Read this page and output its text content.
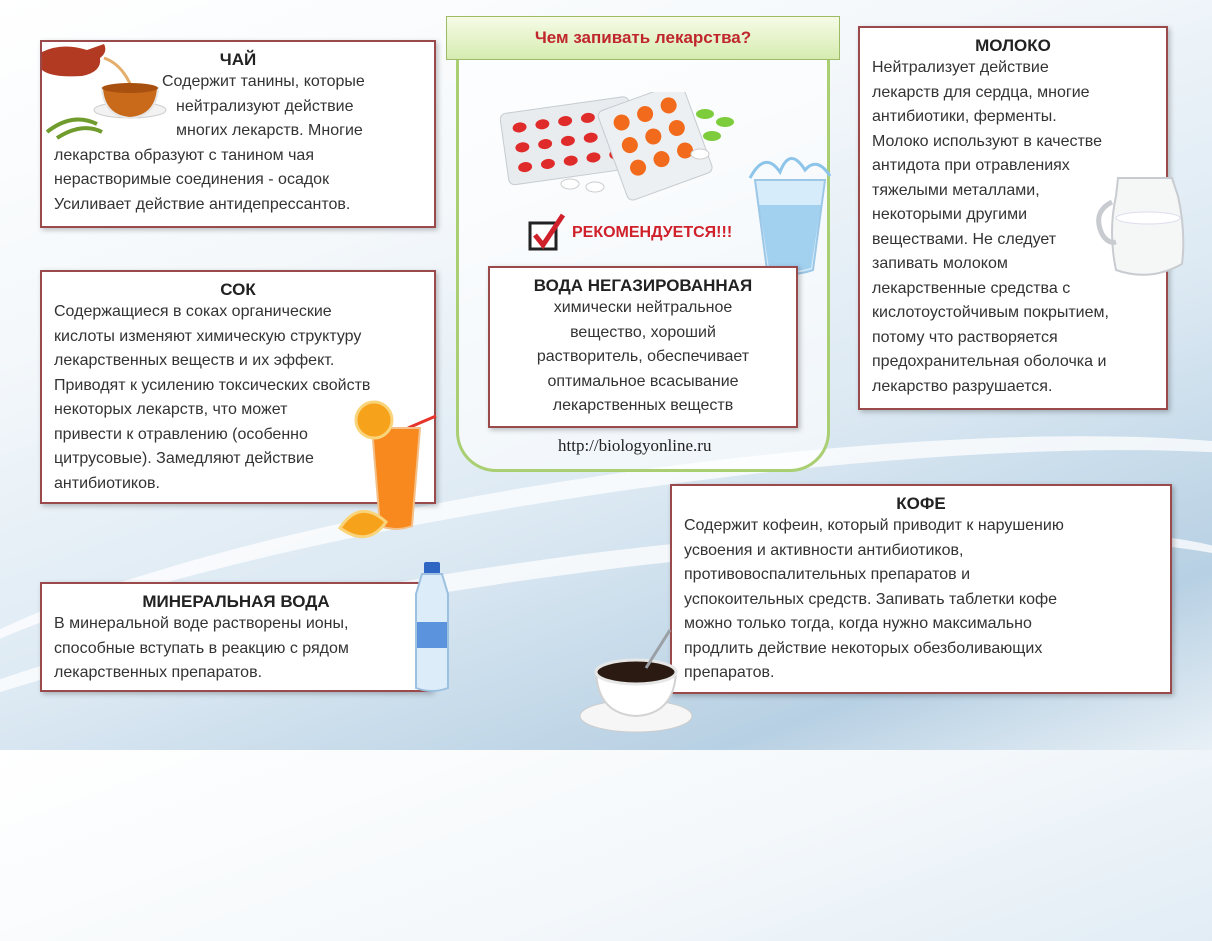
Чем запивать лекарства?
РЕКОМЕНДУЕТСЯ!!!
ВОДА НЕГАЗИРОВАННАЯ

химически нейтральное
вещество, хороший
растворитель, обеспечивает
оптимальное всасывание
лекарственных веществ

http://biologyonline.ru
ЧАЙ

Содержит танины, которые
нейтрализуют действие
многих лекарств. Многие
лекарства образуют с танином чая
нерастворимые соединения - осадок
Усиливает действие антидепрессантов.

СОК

Содержащиеся в соках органические
кислоты изменяют химическую структуру
лекарственных веществ и их эффект.
Приводят к усилению токсических свойств
некоторых лекарств, что может
привести к отравлению (особенно
цитрусовые). Замедляют действие
антибиотиков.

МИНЕРАЛЬНАЯ ВОДА

В минеральной воде растворены ионы,
способные вступать в реакцию с рядом
лекарственных препаратов.

МОЛОКО

Нейтрализует действие
лекарств для сердца, многие
антибиотики, ферменты.
Молоко используют в качестве
антидота при отравлениях
тяжелыми металлами,
некоторыми другими
веществами. Не следует
запивать молоком
лекарственные средства с
кислотоустойчивым покрытием,
потому что растворяется
предохранительная оболочка и
лекарство разрушается.

КОФЕ

Содержит кофеин, который приводит к нарушению
усвоения и активности антибиотиков,
противовоспалительных препаратов и
успокоительных средств. Запивать таблетки кофе
можно только тогда, когда нужно максимально
продлить действие некоторых обезболивающих
препаратов.
